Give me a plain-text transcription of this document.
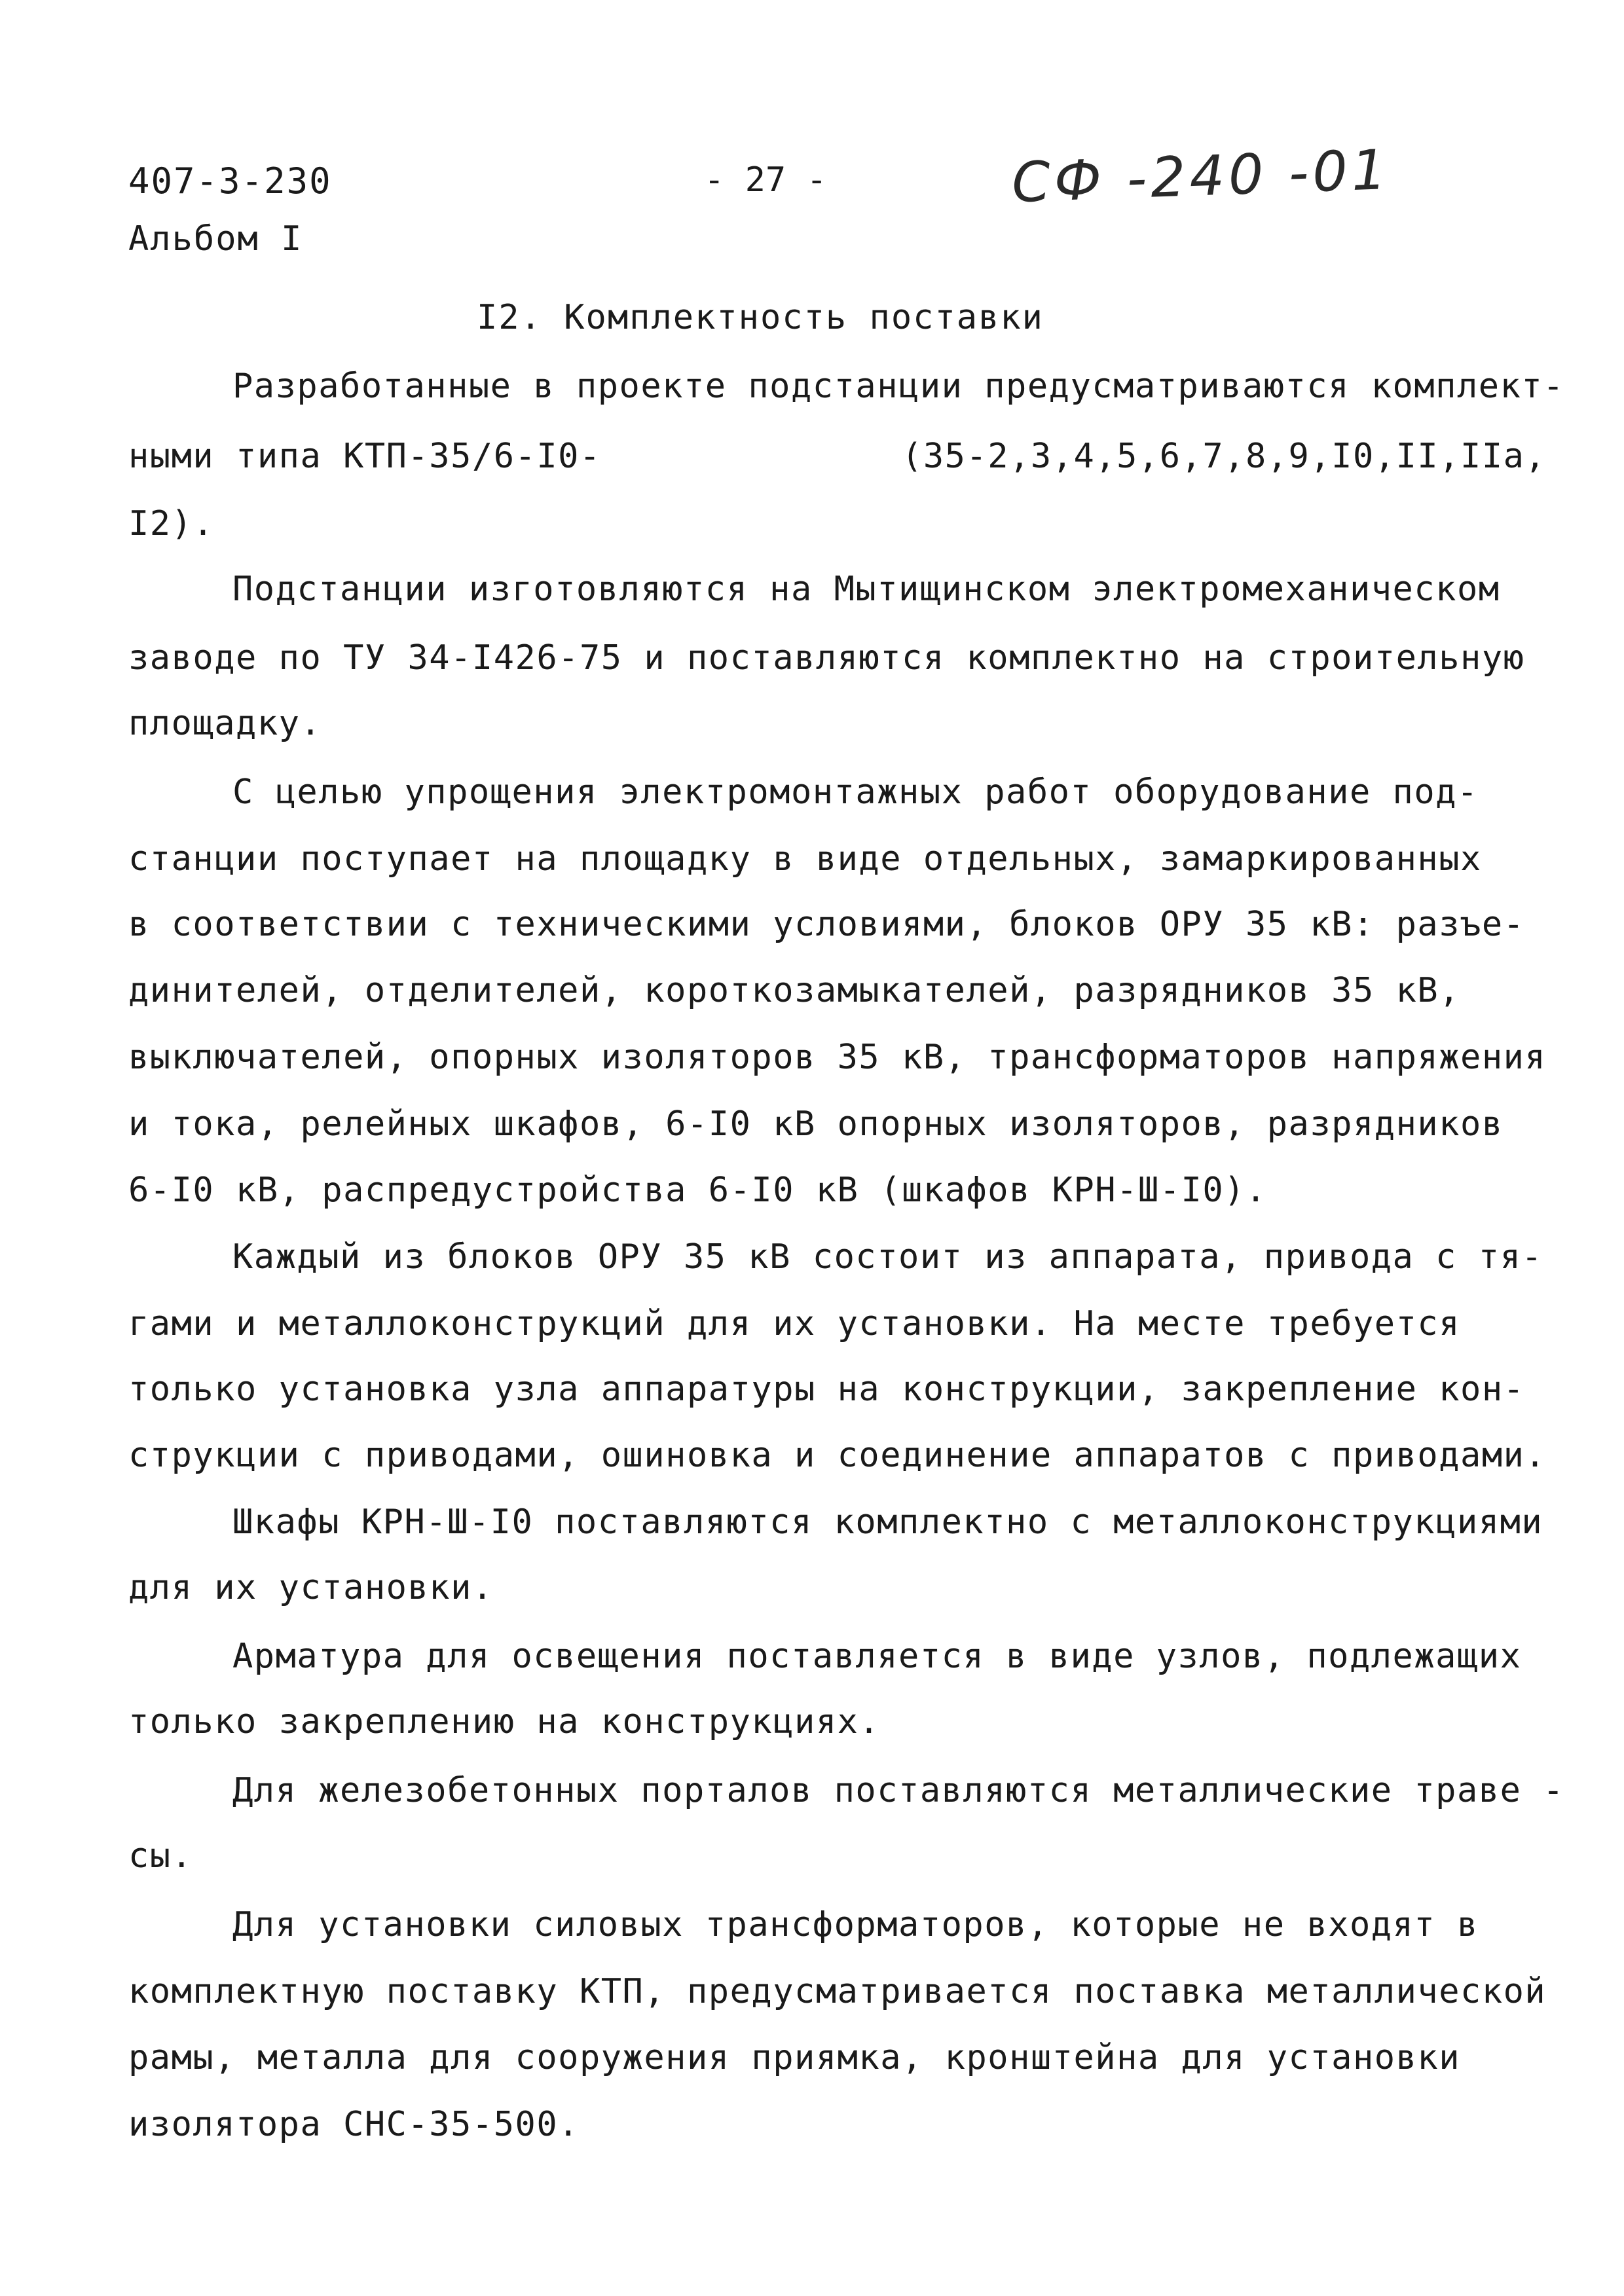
407-3-230
Альбом I
- 27 -	СФ -240 -01
I2. Комплектность поставки
Разработанные в проекте подстанции предусматриваются комплект-
ными типа КТП-35/6-I0-              (35-2,3,4,5,6,7,8,9,I0,II,IIа,
I2).
Подстанции изготовляются на Мытищинском электромеханическом
заводе по ТУ 34-I426-75 и поставляются комплектно на строительную
площадку.
С целью упрощения электромонтажных работ оборудование под-
станции поступает на площадку в виде отдельных, замаркированных
в соответствии с техническими условиями, блоков ОРУ 35 кВ: разъе-
динителей, отделителей, короткозамыкателей, разрядников 35 кВ,
выключателей, опорных изоляторов 35 кВ, трансформаторов напряжения
и тока, релейных шкафов, 6-I0 кВ опорных изоляторов, разрядников
6-I0 кВ, распредустройства 6-I0 кВ (шкафов КРН-Ш-I0).
Каждый из блоков ОРУ 35 кВ состоит из аппарата, привода с тя-
гами и металлоконструкций для их установки. На месте требуется
только установка узла аппаратуры на конструкции, закрепление кон-
струкции с приводами, ошиновка и соединение аппаратов с приводами.
Шкафы КРН-Ш-I0 поставляются комплектно с металлоконструкциями
для их установки.
Арматура для освещения поставляется в виде узлов, подлежащих
только закреплению на конструкциях.
Для железобетонных порталов поставляются металлические траве -
сы.
Для установки силовых трансформаторов, которые не входят в
комплектную поставку КТП, предусматривается поставка металлической
рамы, металла для сооружения приямка, кронштейна для установки
изолятора СНС-35-500.
